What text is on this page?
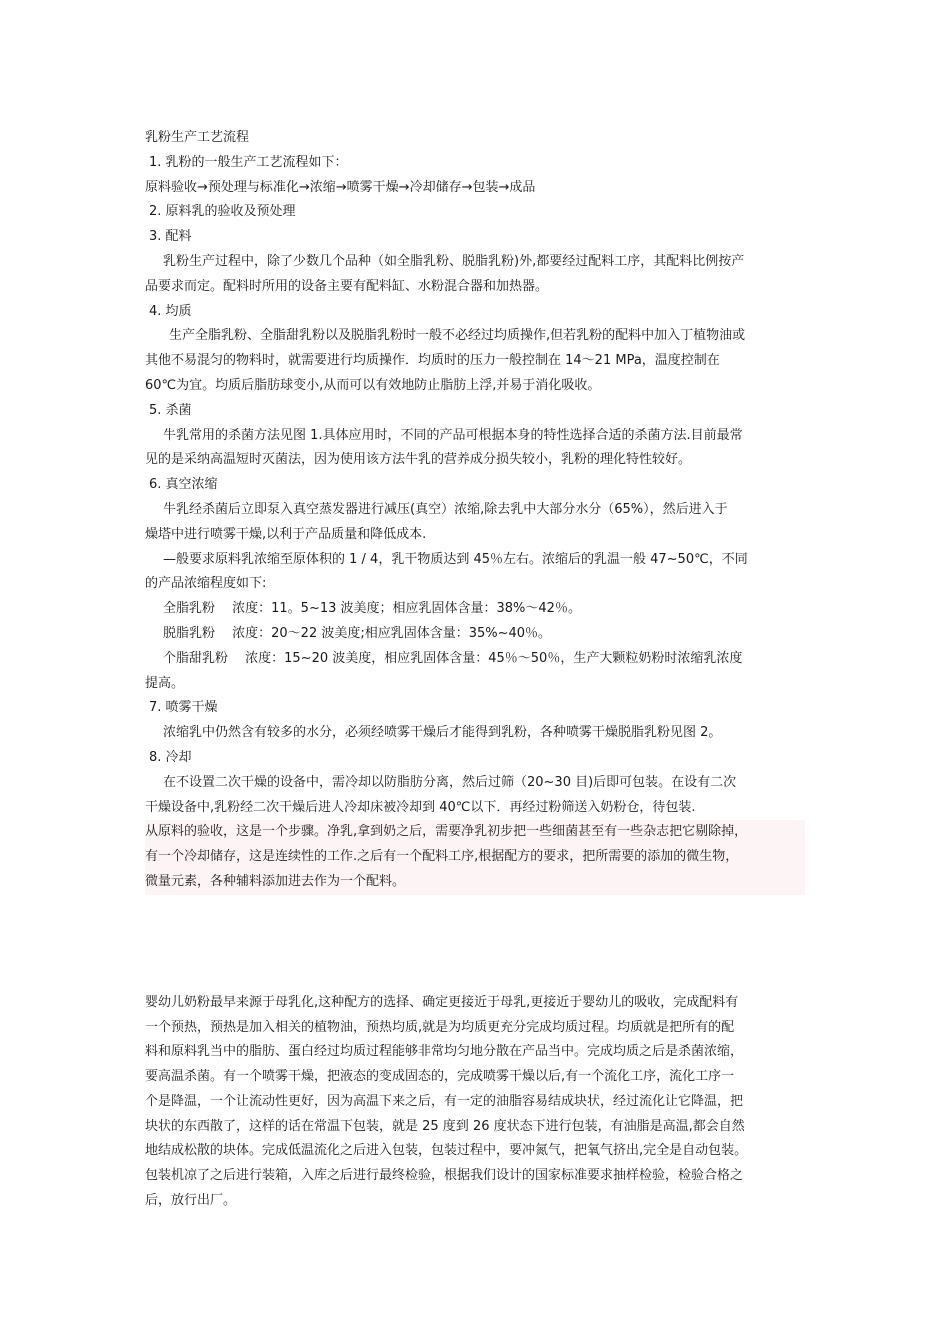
乳粉生产工艺流程
1. 乳粉的一般生产工艺流程如下：
原料验收→预处理与标准化→浓缩→喷雾干燥→冷却储存→包装→成品
2. 原料乳的验收及预处理
3. 配料
乳粉生产过程中，除了少数几个品种（如全脂乳粉、脱脂乳粉)外,都要经过配料工序，其配料比例按产
品要求而定。配料时所用的设备主要有配料缸、水粉混合器和加热器。
4. 均质
生产全脂乳粉、全脂甜乳粉以及脱脂乳粉时一般不必经过均质操作,但若乳粉的配料中加入丁植物油或
其他不易混匀的物料时，就需要进行均质操作．均质时的压力一般控制在 14～21 MPa，温度控制在
60℃为宜。均质后脂肪球变小,从而可以有效地防止脂肪上浮,并易于消化吸收。
5. 杀菌
牛乳常用的杀菌方法见图 1.具体应用时，不同的产品可根据本身的特性选择合适的杀菌方法.目前最常
见的是采纳高温短时灭菌法，因为使用该方法牛乳的营养成分损失较小，乳粉的理化特性较好。
6. 真空浓缩
牛乳经杀菌后立即泵入真空蒸发器进行减压(真空）浓缩,除去乳中大部分水分（65%），然后进入于
燥塔中进行喷雾干燥,以利于产品质量和降低成本.
—般要求原料乳浓缩至原体积的 1 / 4，乳干物质达到 45％左右。浓缩后的乳温一般 47~50℃，不同
的产品浓缩程度如下:
全脂乳粉　 浓度：11。5~13 波美度；相应乳固体含量：38%～42％。
脱脂乳粉　 浓度：20～22 波美度;相应乳固体含量：35%~40％。
个脂甜乳粉　 浓度：15~20 波美度，相应乳固体含量：45％～50％，生产大颗粒奶粉时浓缩乳浓度
提高。
7. 喷雾干燥
浓缩乳中仍然含有较多的水分，必须经喷雾干燥后才能得到乳粉，各种喷雾干燥脱脂乳粉见图 2。
8. 冷却
在不设置二次干燥的设备中，需冷却以防脂肪分离，然后过筛（20~30 目)后即可包装。在设有二次
干燥设备中,乳粉经二次干燥后进人冷却床被冷却到 40℃以下．再经过粉筛送入奶粉仓，待包装.
从原料的验收，这是一个步骤。净乳,拿到奶之后，需要净乳初步把一些细菌甚至有一些杂志把它剔除掉，
有一个冷却储存，这是连续性的工作.之后有一个配料工序,根据配方的要求，把所需要的添加的微生物，
微量元素，各种辅料添加进去作为一个配料。
婴幼儿奶粉最早来源于母乳化,这种配方的选择、确定更接近于母乳,更接近于婴幼儿的吸收，完成配料有
一个预热，预热是加入相关的植物油，预热均质,就是为均质更充分完成均质过程。均质就是把所有的配
料和原料乳当中的脂肪、蛋白经过均质过程能够非常均匀地分散在产品当中。完成均质之后是杀菌浓缩，
要高温杀菌。有一个喷雾干燥，把液态的变成固态的，完成喷雾干燥以后,有一个流化工序，流化工序一
个是降温，一个让流动性更好，因为高温下来之后，有一定的油脂容易结成块状，经过流化让它降温，把
块状的东西散了，这样的话在常温下包装，就是 25 度到 26 度状态下进行包装，有油脂是高温,都会自然
地结成松散的块体。完成低温流化之后进入包装，包装过程中，要冲氮气，把氧气挤出,完全是自动包装。
包装机凉了之后进行装箱，入库之后进行最终检验，根据我们设计的国家标准要求抽样检验，检验合格之
后，放行出厂。
